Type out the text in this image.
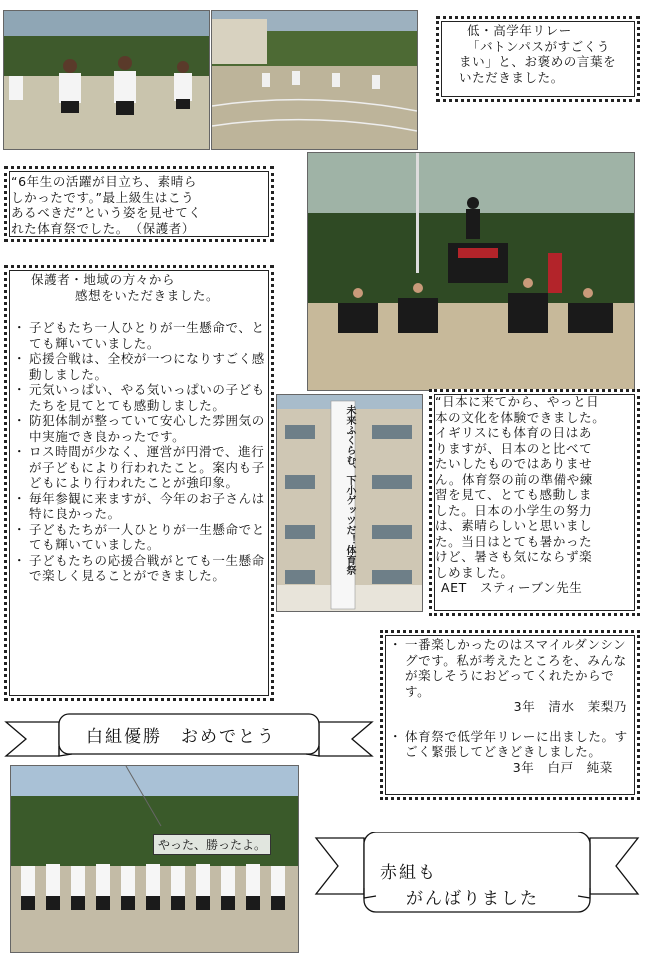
低・高学年リレー
「バトンパスがすごくう
まい」と、お褒めの言葉を
いただきました。
“6年生の活躍が目立ち、素晴ら
しかったです。”最上級生はこう
あるべきだ”という姿を見せてく
れた体育祭でした。　（保護者）
保護者・地域の方々から
感想をいただきました。
・ 子どもたち一人ひとりが一生懸命で、とても輝いていました。
・ 応援合戦は、全校が一つになりすごく感動しました。
・ 元気いっぱい、やる気いっぱいの子どもたちを見てとても感動しました。
・ 防犯体制が整っていて安心した雰囲気の中実施でき良かったです。
・ ロス時間が少なく、運営が円滑で、進行が子どもにより行われたこと。案内も子どもにより行われたことが強印象。
・ 毎年参観に来ますが、今年のお子さんは特に良かった。
・ 子どもたちが一人ひとりが一生懸命でとても輝いていました。
・ 子どもたちの応援合戦がとても一生懸命で楽しく見ることができました。
未来ふくらむ、下小ゲッツだ！体育祭
“日本に来てから、やっと日
本の文化を体験できました。
イギリスにも体育の日はあ
りますが、日本のと比べて
たいしたものではありませ
ん。体育祭の前の準備や練
習を見て、とても感動しま
した。日本の小学生の努力
は、素晴らしいと思いまし
た。当日はとても暑かった
けど、暑さも気にならず楽
しめました。
AET　スティーブン先生
・ 一番楽しかったのはスマイルダンシングです。私が考えたところを、みんなが楽しそうにおどってくれたからです。
3年　清水　茉梨乃
・ 体育祭で低学年リレーに出ました。すごく緊張してどきどきしました。
3年　白戸　純菜
白組優勝　おめでとう
やった、勝ったよ。
赤組も
がんばりました
